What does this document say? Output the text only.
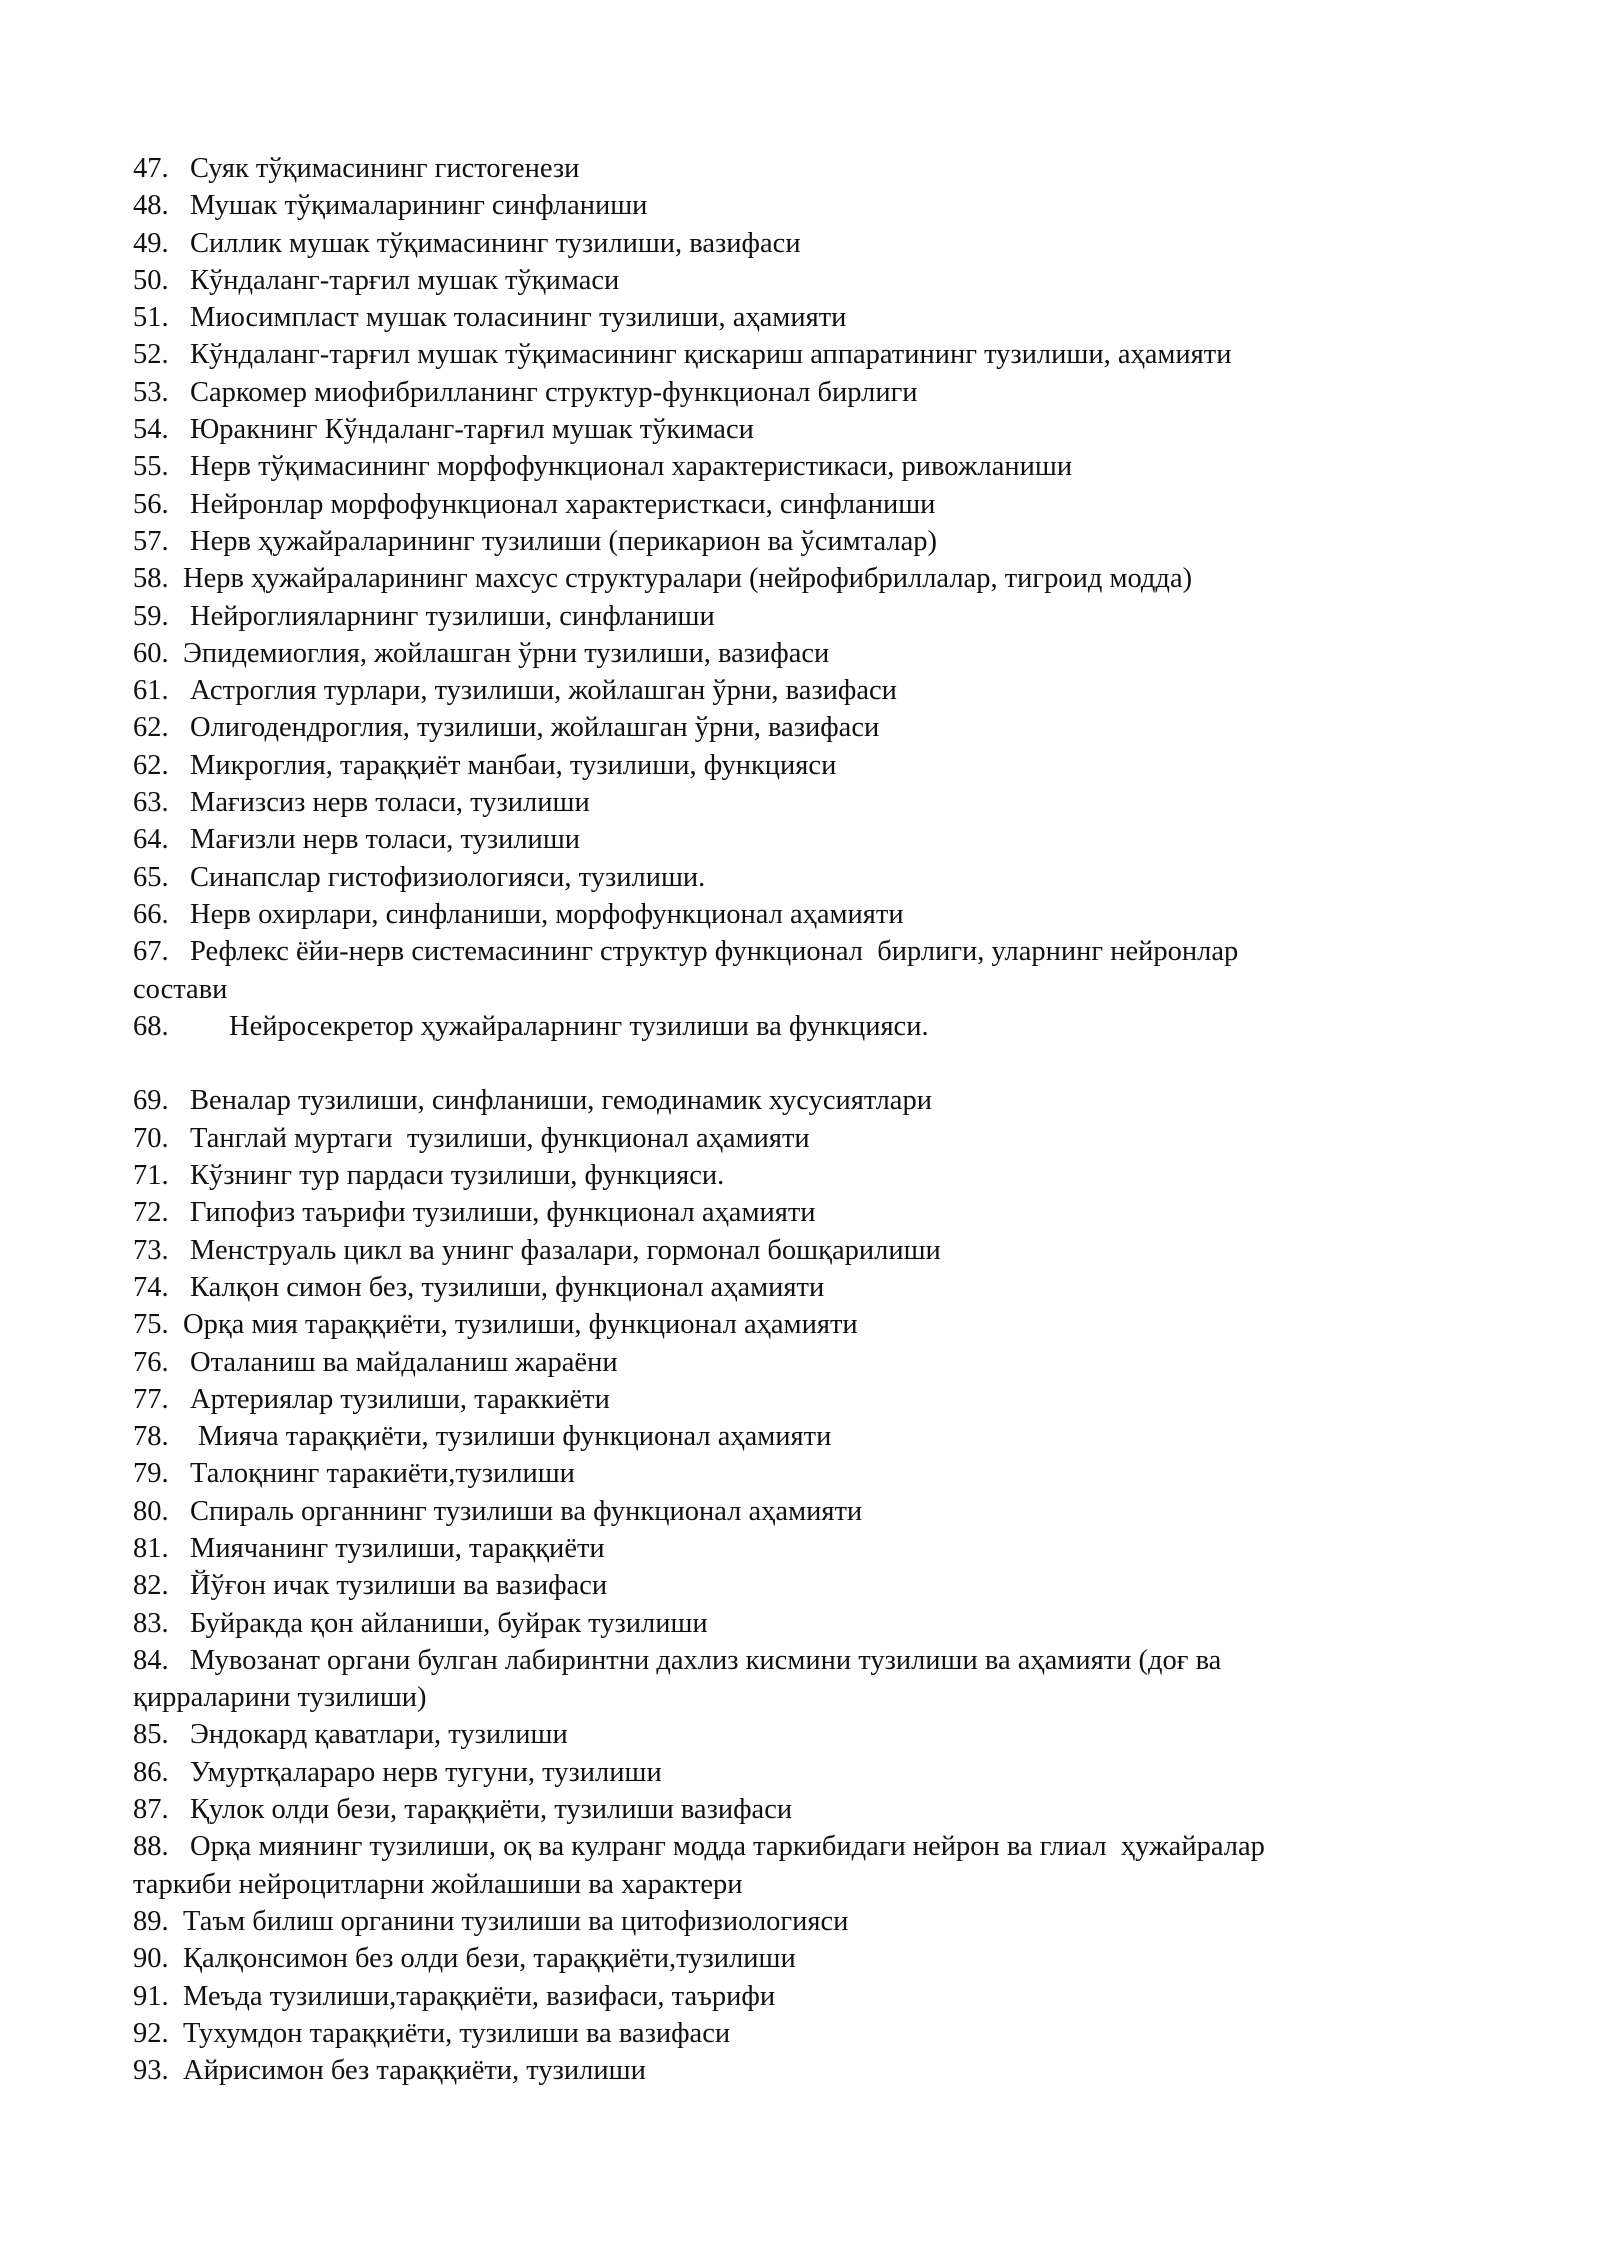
47. Суяк тўқимасининг гистогенези
48. Мушак тўқималарининг синфланиши
49. Силлик мушак тўқимасининг тузилиши, вазифаси
50. Кўндаланг-тарғил мушак тўқимаси
51. Миосимпласт мушак толасининг тузилиши, аҳамияти
52. Кўндаланг-тарғил мушак тўқимасининг қискариш аппаратининг тузилиши, аҳамияти
53. Саркомер миофибрилланинг структур-функционал бирлиги
54. Юракнинг Кўндаланг-тарғил мушак тўкимаси
55. Нерв тўқимасининг морфофункционал характеристикаси, ривожланиши
56. Нейронлар морфофункционал характеристкаси, синфланиши
57. Нерв ҳужайраларининг тузилиши (перикарион ва ўсимталар)
58. Нерв ҳужайраларининг махсус структуралари (нейрофибриллалар, тигроид модда)
59. Нейроглияларнинг тузилиши, синфланиши
60. Эпидемиоглия, жойлашган ўрни тузилиши, вазифаси
61. Астроглия турлари, тузилиши, жойлашган ўрни, вазифаси
62. Олигодендроглия, тузилиши, жойлашган ўрни, вазифаси
62. Микроглия, тараққиёт манбаи, тузилиши, функцияси
63. Мағизсиз нерв толаси, тузилиши
64. Мағизли нерв толаси, тузилиши
65. Синапслар гистофизиологияси, тузилиши.
66. Нерв охирлари, синфланиши, морфофункционал аҳамияти
67. Рефлекс ёйи-нерв системасининг структур функционал  бирлиги, уларнинг нейронлар
состави
68. Нейросекретор ҳужайраларнинг тузилиши ва функцияси.
69. Веналар тузилиши, синфланиши, гемодинамик хусусиятлари
70. Танглай муртаги  тузилиши, функционал аҳамияти
71. Кўзнинг тур пардаси тузилиши, функцияси.
72. Гипофиз таърифи тузилиши, функционал аҳамияти
73. Менструаль цикл ва унинг фазалари, гормонал бошқарилиши
74. Калқон симон без, тузилиши, функционал аҳамияти
75. Орқа мия тараққиёти, тузилиши, функционал аҳамияти
76. Оталаниш ва майдаланиш жараёни
77. Артериялар тузилиши, тараккиёти
78. Мияча тараққиёти, тузилиши функционал аҳамияти
79. Талоқнинг таракиёти,тузилиши
80. Спираль органнинг тузилиши ва функционал аҳамияти
81. Миячанинг тузилиши, тараққиёти
82. Йўғон ичак тузилиши ва вазифаси
83. Буйракда қон айланиши, буйрак тузилиши
84. Мувозанат органи булган лабиринтни дахлиз кисмини тузилиши ва аҳамияти (доғ ва
қирраларини тузилиши)
85. Эндокард қаватлари, тузилиши
86. Умуртқалараро нерв тугуни, тузилиши
87. Қулок олди бези, тараққиёти, тузилиши вазифаси
88. Орқа миянинг тузилиши, оқ ва кулранг модда таркибидаги нейрон ва глиал  ҳужайралар
таркиби нейроцитларни жойлашиши ва характери
89. Таъм билиш органини тузилиши ва цитофизиологияси
90. Қалқонсимон без олди бези, тараққиёти,тузилиши
91. Меъда тузилиши,тараққиёти, вазифаси, таърифи
92. Тухумдон тараққиёти, тузилиши ва вазифаси
93. Айрисимон без тараққиёти, тузилиши
